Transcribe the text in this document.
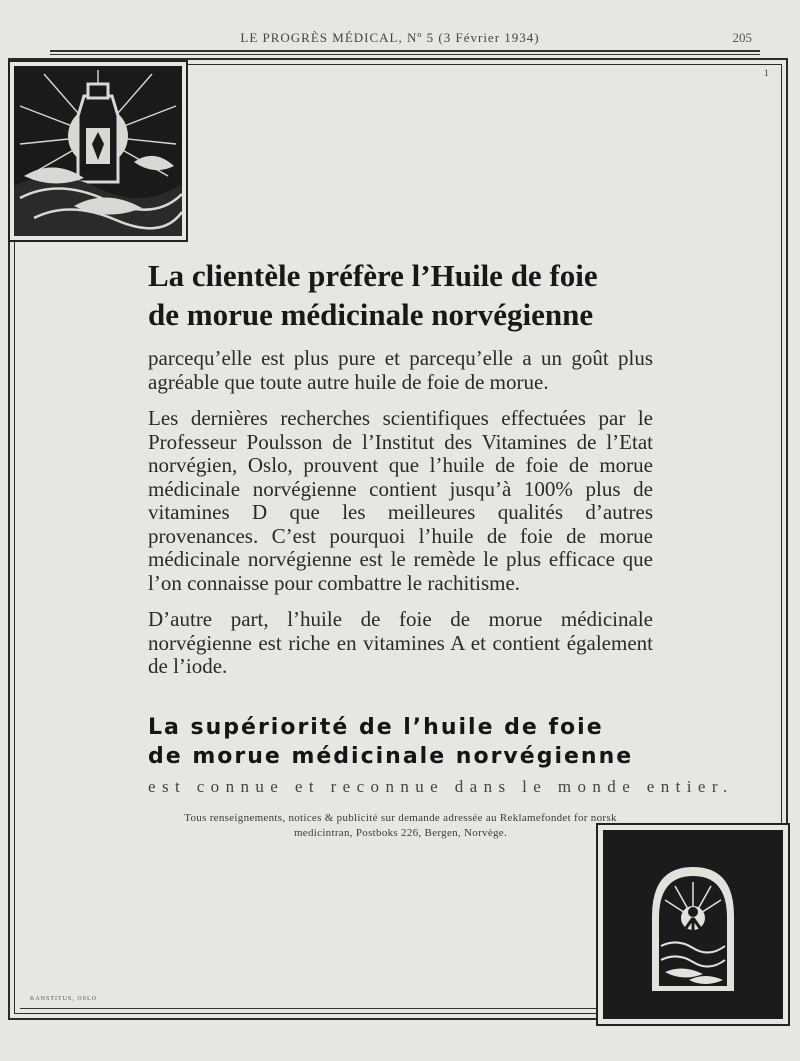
LE PROGRÈS MÉDICAL, Nº 5 (3 Février 1934)	205
1

La clientèle préfère l’Huile de foie

de morue médicinale norvégienne

parcequ’elle est plus pure et parcequ’elle a un goût plus agréable que toute autre huile de foie de morue.

Les dernières recherches scientifiques effectuées par le Professeur Poulsson de l’Institut des Vitamines de l’Etat norvégien, Oslo, prouvent que l’huile de foie de morue médicinale norvégienne contient jusqu’à 100% plus de vitamines D que les meilleures qualités d’autres provenances. C’est pourquoi l’huile de foie de morue médicinale norvégienne est le remède le plus efficace que l’on connaisse pour combattre le rachitisme.

D’autre part, l’huile de foie de morue médicinale norvégienne est riche en vitamines A et contient également de l’iode.

La supériorité de l’huile de foie

de morue médicinale norvégienne

est connue et reconnue dans le monde entier.

Tous renseignements, notices & publicité sur demande adressée au Reklamefondet for norsk
medicintran, Postboks 226, Bergen, Norvège.

KANSTITUS, OSLO
